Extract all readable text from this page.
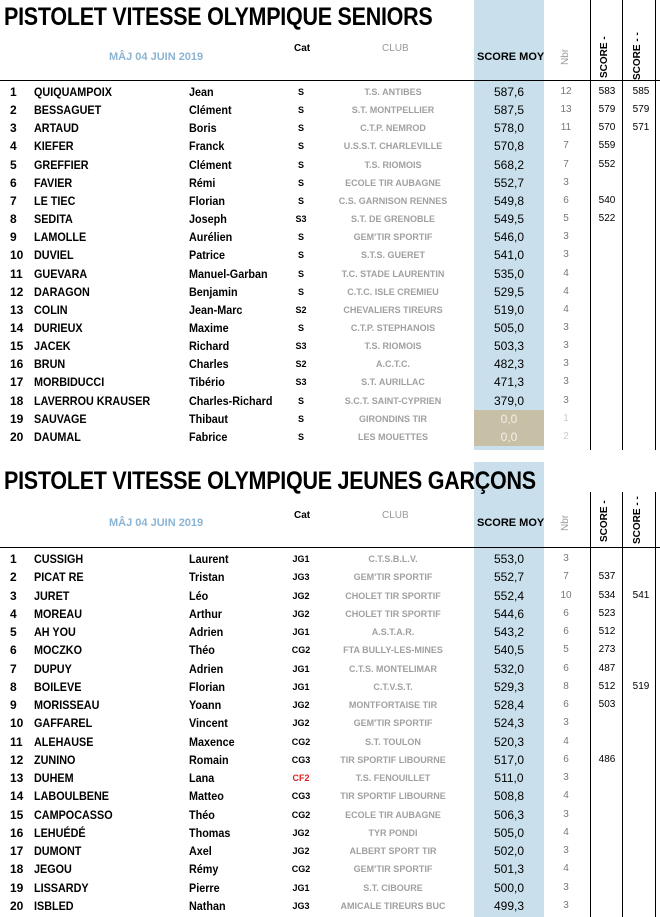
PISTOLET VITESSE OLYMPIQUE SENIORS
MÂJ 04 JUIN 2019
Cat	CLUB
SCORE MOY Nbr	SCORE - SCORE - -
1 QUIQUAMPOIX	Jean	S	T.S. ANTIBES	587,6	12	583	585
2 BESSAGUET	Clément	S	S.T. MONTPELLIER	587,5	13	579	579
3 ARTAUD	Boris	S	C.T.P. NEMROD	578,0	11	570	571
4 KIEFER	Franck	S	U.S.S.T. CHARLEVILLE	570,8	7	559
5 GREFFIER	Clément	S	T.S. RIOMOIS	568,2	7	552
6 FAVIER	Rémi	S	ECOLE TIR AUBAGNE	552,7	3
7 LE TIEC	Florian	S	C.S. GARNISON RENNES	549,8	6	540
8 SEDITA	Joseph	S3	S.T. DE GRENOBLE	549,5	5	522
9 LAMOLLE	Aurélien	S	GEM'TIR SPORTIF	546,0	3
10 DUVIEL	Patrice	S	S.T.S. GUERET	541,0	3
11 GUEVARA	Manuel-Garban	S	T.C. STADE LAURENTIN	535,0	4
12 DARAGON	Benjamin	S	C.T.C. ISLE CREMIEU	529,5	4
13 COLIN	Jean-Marc	S2	CHEVALIERS TIREURS	519,0	4
14 DURIEUX	Maxime	S	C.T.P. STEPHANOIS	505,0	3
15 JACEK	Richard	S3	T.S. RIOMOIS	503,3	3
16 BRUN	Charles	S2	A.C.T.C.	482,3	3
17 MORBIDUCCI	Tibério	S3	S.T. AURILLAC	471,3	3
18 LAVERROU KRAUSER	Charles-Richard	S	S.C.T. SAINT-CYPRIEN	379,0	3
19 SAUVAGE	Thibaut	S	GIRONDINS TIR	0,0	1
20 DAUMAL	Fabrice	S	LES MOUETTES	0,0	2
PISTOLET VITESSE OLYMPIQUE JEUNES GARÇONS
MÂJ 04 JUIN 2019
Cat	CLUB
SCORE MOY Nbr	SCORE - SCORE - -
1 CUSSIGH	Laurent	JG1	C.T.S.B.L.V.	553,0	3
2 PICAT RE	Tristan	JG3	GEM'TIR SPORTIF	552,7	7	537
3 JURET	Léo	JG2	CHOLET TIR SPORTIF	552,4	10	534	541
4 MOREAU	Arthur	JG2	CHOLET TIR SPORTIF	544,6	6	523
5 AH YOU	Adrien	JG1	A.S.T.A.R.	543,2	6	512
6 MOCZKO	Théo	CG2	FTA BULLY-LES-MINES	540,5	5	273
7 DUPUY	Adrien	JG1	C.T.S. MONTELIMAR	532,0	6	487
8 BOILEVE	Florian	JG1	C.T.V.S.T.	529,3	8	512	519
9 MORISSEAU	Yoann	JG2	MONTFORTAISE TIR	528,4	6	503
10 GAFFAREL	Vincent	JG2	GEM'TIR SPORTIF	524,3	3
11 ALEHAUSE	Maxence	CG2	S.T. TOULON	520,3	4
12 ZUNINO	Romain	CG3	TIR SPORTIF LIBOURNE	517,0	6	486
13 DUHEM	Lana	CF2	T.S. FENOUILLET	511,0	3
14 LABOULBENE	Matteo	CG3	TIR SPORTIF LIBOURNE	508,8	4
15 CAMPOCASSO	Théo	CG2	ECOLE TIR AUBAGNE	506,3	3
16 LEHUÉDÉ	Thomas	JG2	TYR PONDI	505,0	4
17 DUMONT	Axel	JG2	ALBERT SPORT TIR	502,0	3
18 JEGOU	Rémy	CG2	GEM'TIR SPORTIF	501,3	4
19 LISSARDY	Pierre	JG1	S.T. CIBOURE	500,0	3
20 ISBLED	Nathan	JG3	AMICALE TIREURS BUC	499,3	3
